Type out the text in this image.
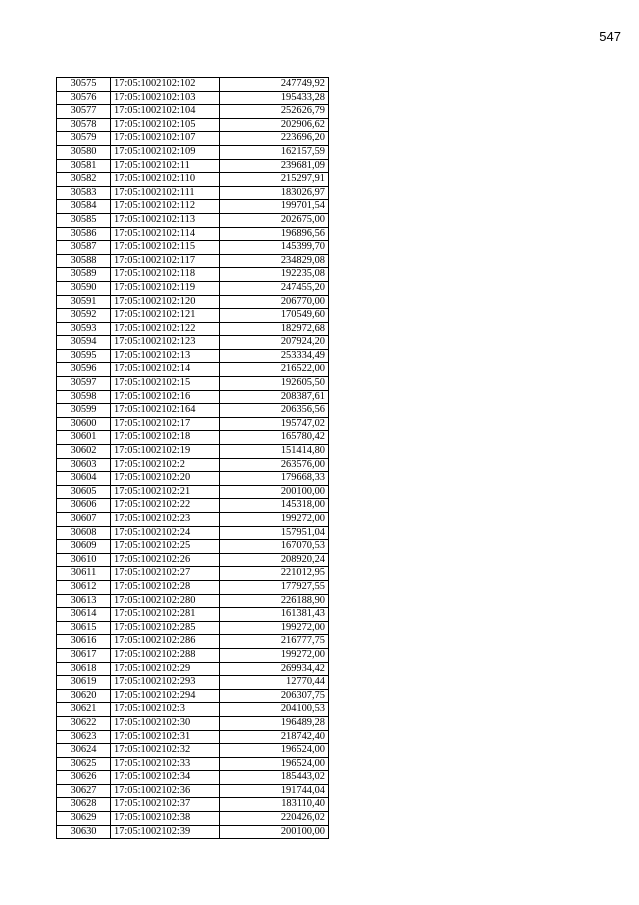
547
30575	17:05:1002102:102	247749,92
30576	17:05:1002102:103	195433,28
30577	17:05:1002102:104	252626,79
30578	17:05:1002102:105	202906,62
30579	17:05:1002102:107	223696,20
30580	17:05:1002102:109	162157,59
30581	17:05:1002102:11	239681,09
30582	17:05:1002102:110	215297,91
30583	17:05:1002102:111	183026,97
30584	17:05:1002102:112	199701,54
30585	17:05:1002102:113	202675,00
30586	17:05:1002102:114	196896,56
30587	17:05:1002102:115	145399,70
30588	17:05:1002102:117	234829,08
30589	17:05:1002102:118	192235,08
30590	17:05:1002102:119	247455,20
30591	17:05:1002102:120	206770,00
30592	17:05:1002102:121	170549,60
30593	17:05:1002102:122	182972,68
30594	17:05:1002102:123	207924,20
30595	17:05:1002102:13	253334,49
30596	17:05:1002102:14	216522,00
30597	17:05:1002102:15	192605,50
30598	17:05:1002102:16	208387,61
30599	17:05:1002102:164	206356,56
30600	17:05:1002102:17	195747,02
30601	17:05:1002102:18	165780,42
30602	17:05:1002102:19	151414,80
30603	17:05:1002102:2	263576,00
30604	17:05:1002102:20	179668,33
30605	17:05:1002102:21	200100,00
30606	17:05:1002102:22	145318,00
30607	17:05:1002102:23	199272,00
30608	17:05:1002102:24	157951,04
30609	17:05:1002102:25	167070,53
30610	17:05:1002102:26	208920,24
30611	17:05:1002102:27	221012,95
30612	17:05:1002102:28	177927,55
30613	17:05:1002102:280	226188,90
30614	17:05:1002102:281	161381,43
30615	17:05:1002102:285	199272,00
30616	17:05:1002102:286	216777,75
30617	17:05:1002102:288	199272,00
30618	17:05:1002102:29	269934,42
30619	17:05:1002102:293	12770,44
30620	17:05:1002102:294	206307,75
30621	17:05:1002102:3	204100,53
30622	17:05:1002102:30	196489,28
30623	17:05:1002102:31	218742,40
30624	17:05:1002102:32	196524,00
30625	17:05:1002102:33	196524,00
30626	17:05:1002102:34	185443,02
30627	17:05:1002102:36	191744,04
30628	17:05:1002102:37	183110,40
30629	17:05:1002102:38	220426,02
30630	17:05:1002102:39	200100,00
